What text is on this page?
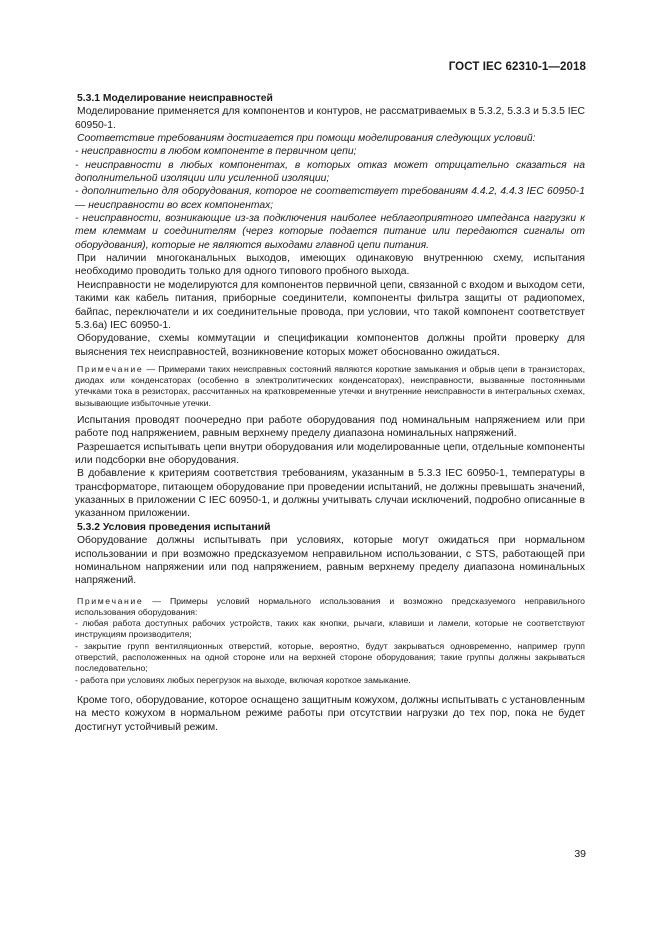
ГОСТ IEC 62310-1—2018

5.3.1 Моделирование неисправностей

Моделирование применяется для компонентов и контуров, не рассматриваемых в 5.3.2, 5.3.3 и 5.3.5 IEC 60950-1.

Соответствие требованиям достигается при помощи моделирования следующих условий:

- неисправности в любом компоненте в первичном цепи;

- неисправности в любых компонентах, в которых отказ может отрицательно сказаться на дополнительной изоляции или усиленной изоляции;

- дополнительно для оборудования, которое не соответствует требованиям 4.4.2, 4.4.3 IEC 60950-1 — неисправности во всех компонентах;

- неисправности, возникающие из-за подключения наиболее неблагоприятного импеданса нагрузки к тем клеммам и соединителям (через которые подается питание или передаются сигналы от оборудования), которые не являются выходами главной цепи питания.

При наличии многоканальных выходов, имеющих одинаковую внутреннюю схему, испытания необходимо проводить только для одного типового пробного выхода.

Неисправности не моделируются для компонентов первичной цепи, связанной с входом и выходом сети, такими как кабель питания, приборные соединители, компоненты фильтра защиты от радиопомех, байпас, переключатели и их соединительные провода, при условии, что такой компонент соответствует 5.3.6а) IEC 60950-1.

Оборудование, схемы коммутации и спецификации компонентов должны пройти проверку для выяснения тех неисправностей, возникновение которых может обоснованно ожидаться.

Примечание — Примерами таких неисправных состояний являются короткие замыкания и обрыв цепи в транзисторах, диодах или конденсаторах (особенно в электролитических конденсаторах), неисправности, вызванные постоянными утечками тока в резисторах, рассчитанных на кратковременные утечки и внутренние неисправности в интегральных схемах, вызывающие избыточные утечки.

Испытания проводят поочередно при работе оборудования под номинальным напряжением или при работе под напряжением, равным верхнему пределу диапазона номинальных напряжений.

Разрешается испытывать цепи внутри оборудования или моделированные цепи, отдельные компоненты или подсборки вне оборудования.

В добавление к критериям соответствия требованиям, указанным в 5.3.3 IEC 60950-1, температуры в трансформаторе, питающем оборудование при проведении испытаний, не должны превышать значений, указанных в приложении С IEC 60950-1, и должны учитывать случаи исключений, подробно описанные в указанном приложении.

5.3.2 Условия проведения испытаний

Оборудование должны испытывать при условиях, которые могут ожидаться при нормальном использовании и при возможно предсказуемом неправильном использовании, с STS, работающей при номинальном напряжении или под напряжением, равным верхнему пределу диапазона номинальных напряжений.

Примечание — Примеры условий нормального использования и возможно предсказуемого неправильного использования оборудования:

- любая работа доступных рабочих устройств, таких как кнопки, рычаги, клавиши и ламели, которые не соответствуют инструкциям производителя;

- закрытие групп вентиляционных отверстий, которые, вероятно, будут закрываться одновременно, например групп отверстий, расположенных на одной стороне или на верхней стороне оборудования; такие группы должны закрываться последовательно;

- работа при условиях любых перегрузок на выходе, включая короткое замыкание.

Кроме того, оборудование, которое оснащено защитным кожухом, должны испытывать с установленным на место кожухом в нормальном режиме работы при отсутствии нагрузки до тех пор, пока не будет достигнут устойчивый режим.

39
